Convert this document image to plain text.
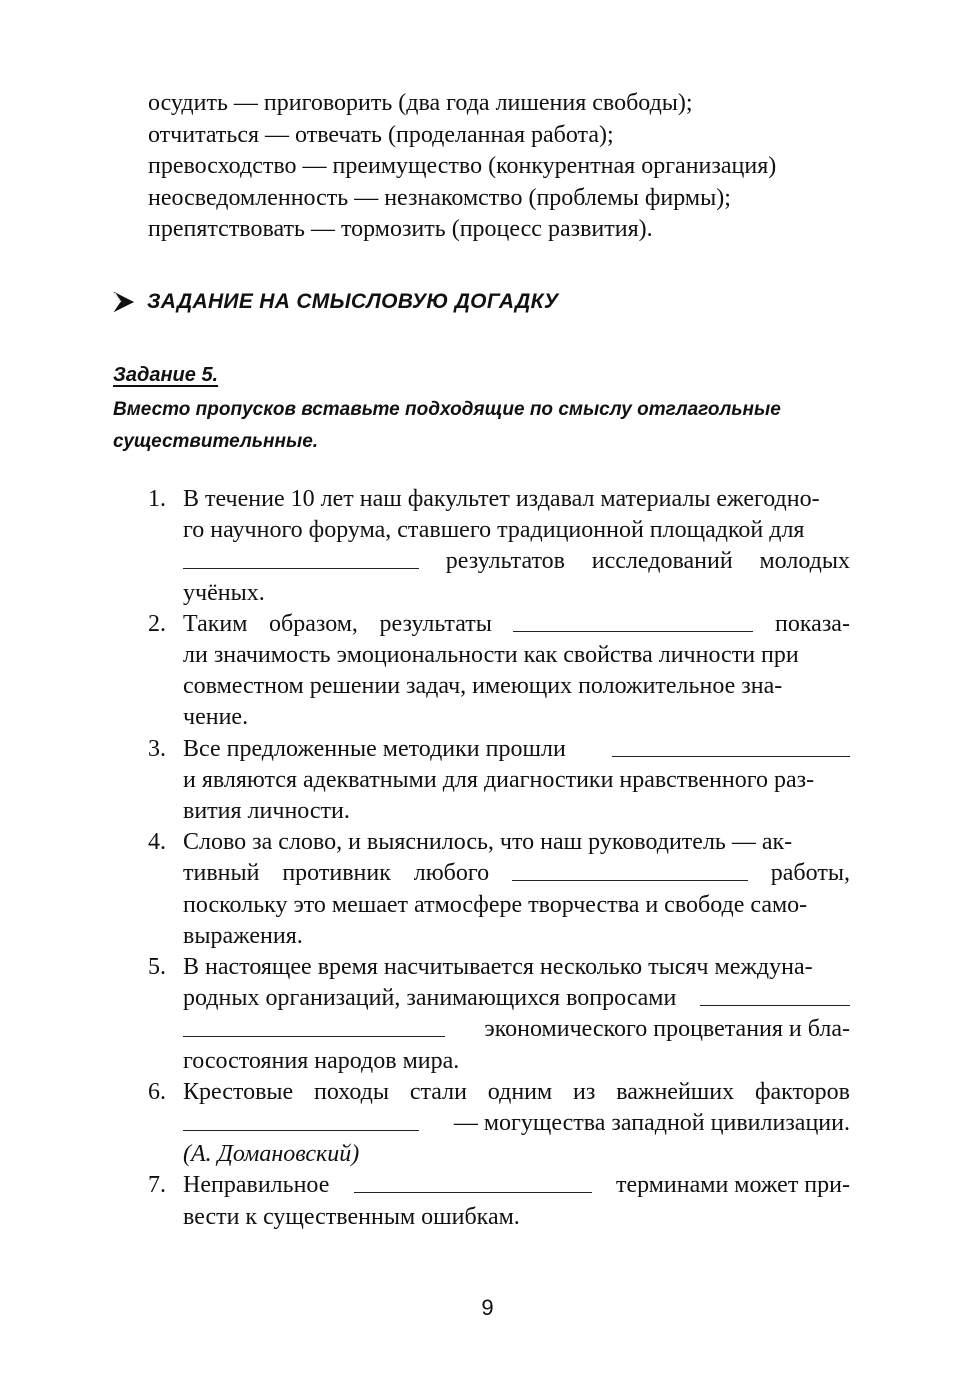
осудить — приговорить (два года лишения свободы);
отчитаться — отвечать (проделанная работа);
превосходство — преимущество (конкурентная организация)
неосведомленность — незнакомство (проблемы фирмы);
препятствовать — тормозить (процесс развития).
ЗАДАНИЕ НА СМЫСЛОВУЮ ДОГАДКУ
Задание 5.
Вместо пропусков вставьте подходящие по смыслу отглагольные
существительнные.
1. В течение 10 лет наш факультет издавал материалы ежегодно-
го научного форума, ставшего традиционной площадкой для
результатов исследований молодых
учёных.
2. Таким образом, результаты	показа-
ли значимость эмоциональности как свойства личности при
совместном решении задач, имеющих положительное зна-
чение.
3. Все предложенные методики прошли
и являются адекватными для диагностики нравственного раз-
вития личности.
4. Слово за слово, и выяснилось, что наш руководитель — ак-
тивный противник любого	работы,
поскольку это мешает атмосфере творчества и свободе само-
выражения.
5. В настоящее время насчитывается несколько тысяч междуна-
родных организаций, занимающихся вопросами
экономического процветания и бла-
госостояния народов мира.
6. Крестовые походы стали одним из важнейших факторов
— могущества западной цивилизации.
(А. Домановский)
7. Неправильное	терминами может при-
вести к существенным ошибкам.
9
